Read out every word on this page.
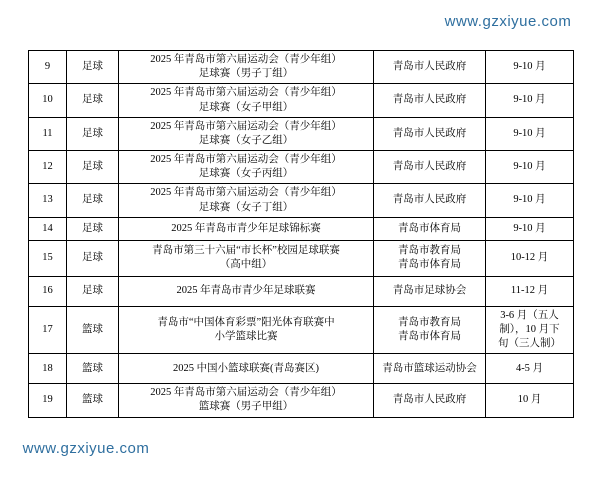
www.gzxiyue.com
9	足球	2025 年青岛市第六届运动会（青少年组）
足球赛（男子丁组）	青岛市人民政府	9-10 月

10	足球	2025 年青岛市第六届运动会（青少年组）
足球赛（女子甲组）	青岛市人民政府	9-10 月

11	足球	2025 年青岛市第六届运动会（青少年组）
足球赛（女子乙组）	青岛市人民政府	9-10 月

12	足球	2025 年青岛市第六届运动会（青少年组）
足球赛（女子丙组）	青岛市人民政府	9-10 月

13	足球	2025 年青岛市第六届运动会（青少年组）
足球赛（女子丁组）	青岛市人民政府	9-10 月

14	足球	2025 年青岛市青少年足球锦标赛	青岛市体育局	9-10 月

15	足球	青岛市第三十六届“市长杯”校园足球联赛
（高中组）	青岛市教育局
青岛市体育局	10-12 月

16	足球	2025 年青岛市青少年足球联赛	青岛市足球协会	11-12 月

17	篮球	青岛市“中国体育彩票”阳光体育联赛中
小学篮球比赛	青岛市教育局
青岛市体育局	3-6 月（五人
制），10 月下
旬（三人制）

18	篮球	2025 中国小篮球联赛(青岛赛区)	青岛市篮球运动协会	4-5 月

19	篮球	2025 年青岛市第六届运动会（青少年组）
篮球赛（男子甲组）	青岛市人民政府	10 月
www.gzxiyue.com
